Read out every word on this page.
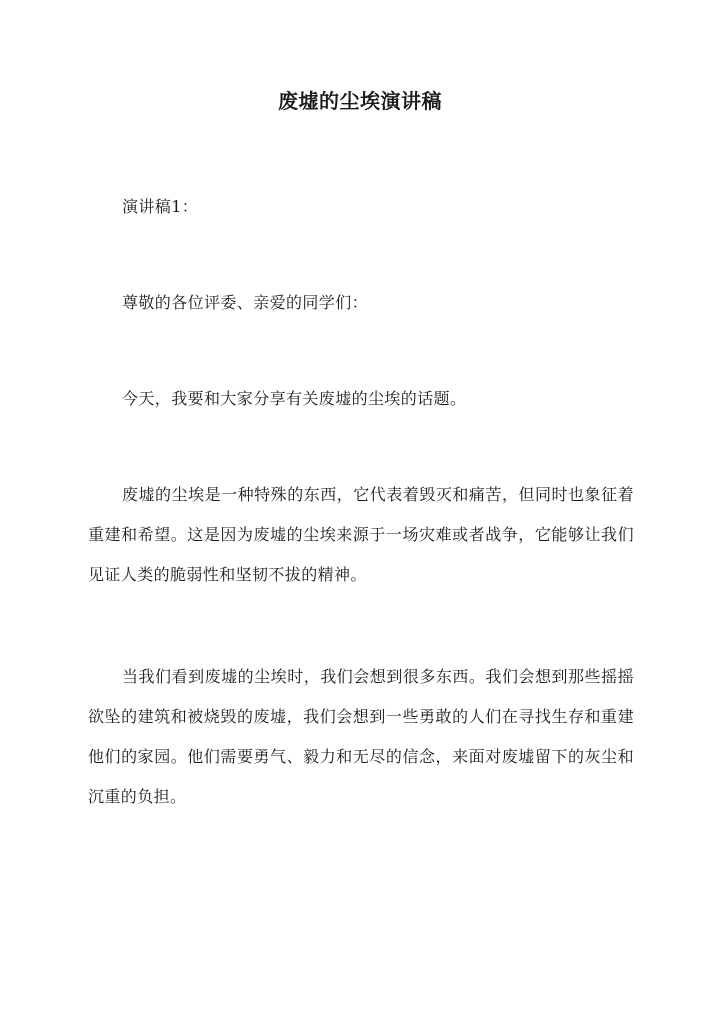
废墟的尘埃演讲稿

演讲稿1：

尊敬的各位评委、亲爱的同学们：

今天，我要和大家分享有关废墟的尘埃的话题。

废墟的尘埃是一种特殊的东西，它代表着毁灭和痛苦，但同时也象征着重建和希望。这是因为废墟的尘埃来源于一场灾难或者战争，它能够让我们见证人类的脆弱性和坚韧不拔的精神。

当我们看到废墟的尘埃时，我们会想到很多东西。我们会想到那些摇摇欲坠的建筑和被烧毁的废墟，我们会想到一些勇敢的人们在寻找生存和重建他们的家园。他们需要勇气、毅力和无尽的信念，来面对废墟留下的灰尘和沉重的负担。
